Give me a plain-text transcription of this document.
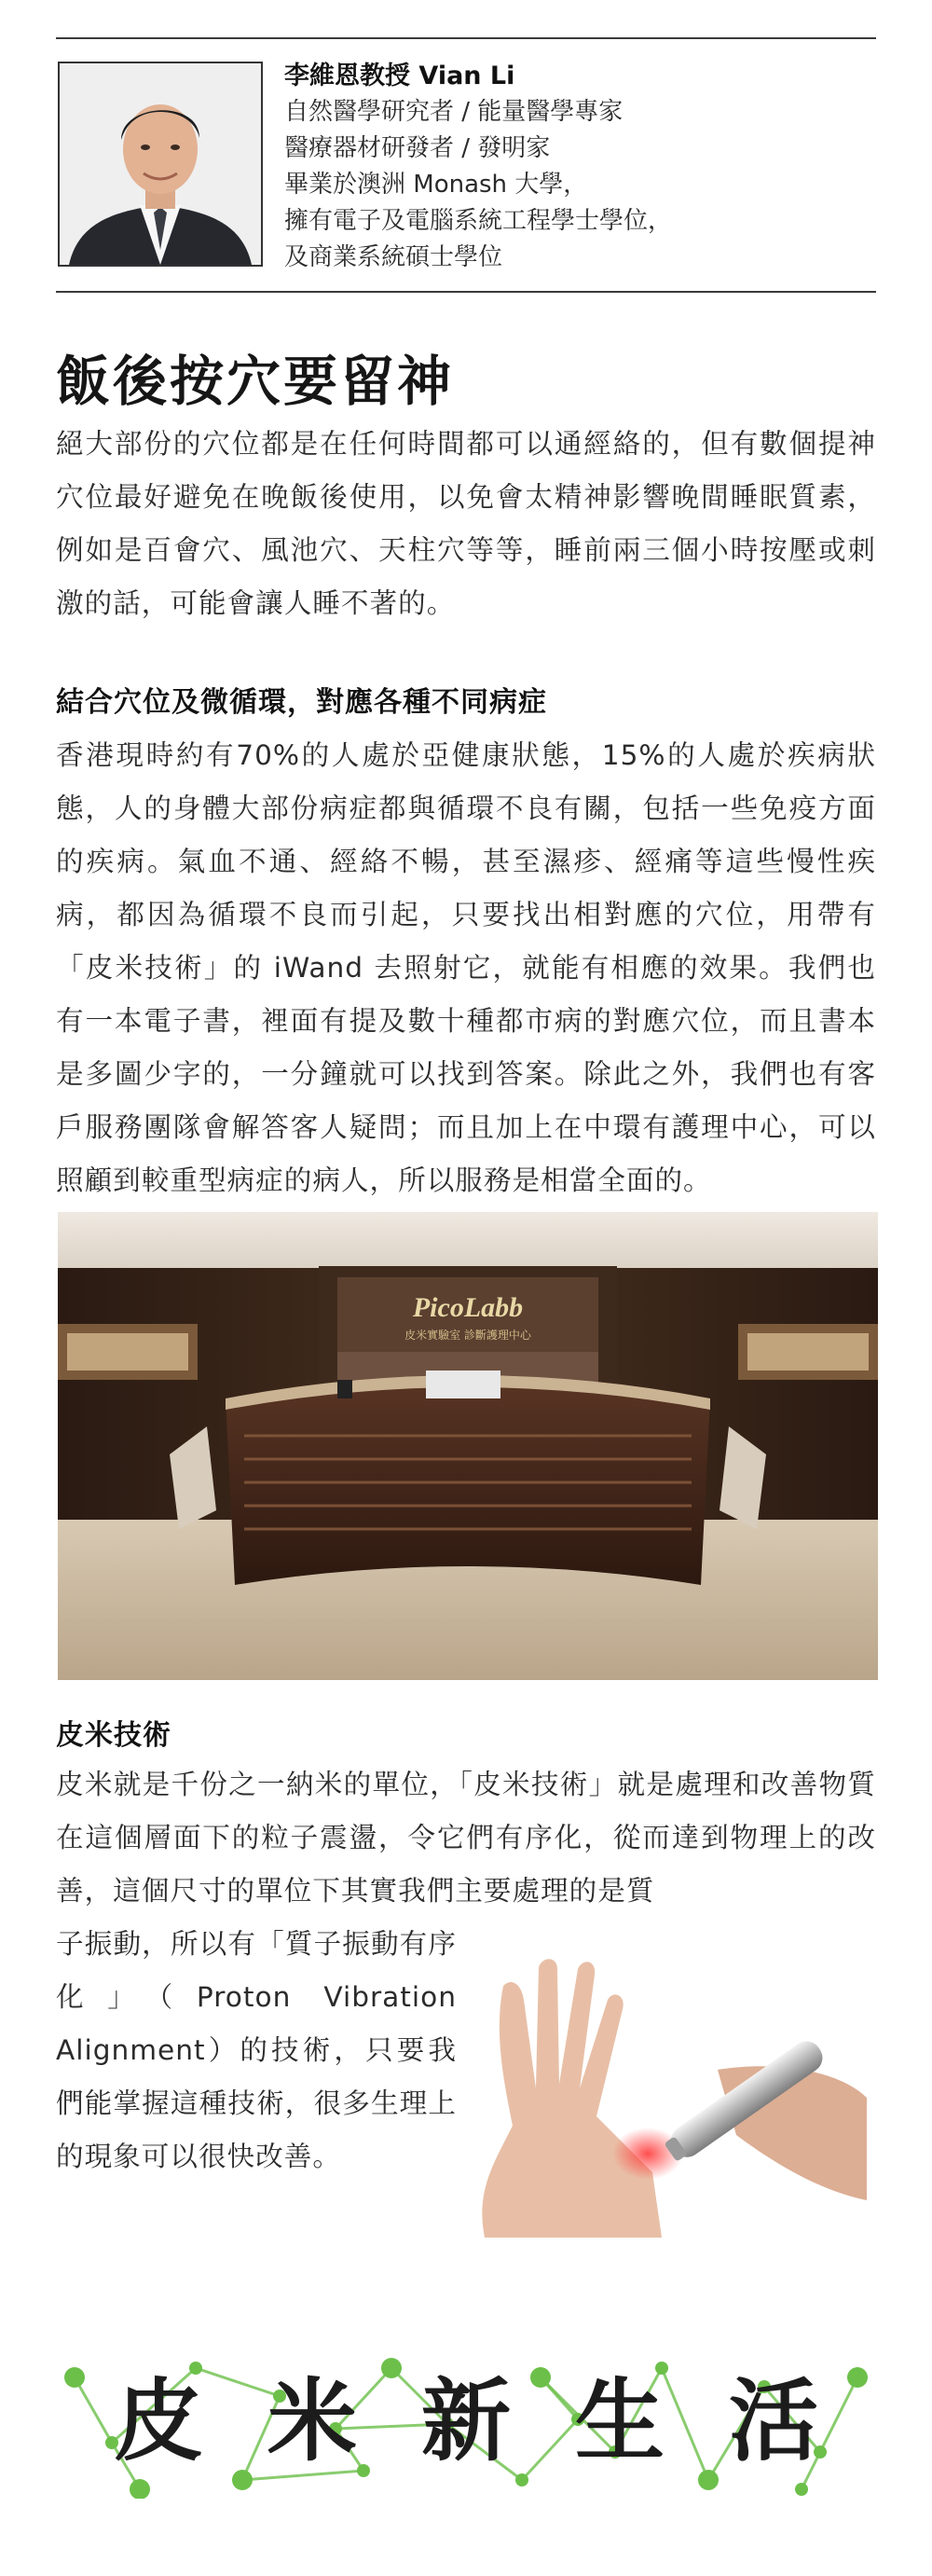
李維恩教授 Vian Li
自然醫學研究者 / 能量醫學專家
醫療器材研發者 / 發明家
畢業於澳洲 Monash 大學，
擁有電子及電腦系統工程學士學位，
及商業系統碩士學位
飯後按穴要留神

絕大部份的穴位都是在任何時間都可以通經絡的，但有數個提神穴位最好避免在晚飯後使用，以免會太精神影響晚間睡眠質素，例如是百會穴、風池穴、天柱穴等等，睡前兩三個小時按壓或刺激的話，可能會讓人睡不著的。

結合穴位及微循環，對應各種不同病症

香港現時約有70%的人處於亞健康狀態，15%的人處於疾病狀態，人的身體大部份病症都與循環不良有關，包括一些免疫方面的疾病。氣血不通、經絡不暢，甚至濕疹、經痛等這些慢性疾病，都因為循環不良而引起，只要找出相對應的穴位，用帶有「皮米技術」的 iWand 去照射它，就能有相應的效果。我們也有一本電子書，裡面有提及數十種都市病的對應穴位，而且書本是多圖少字的，一分鐘就可以找到答案。除此之外，我們也有客戶服務團隊會解答客人疑問；而且加上在中環有護理中心，可以照顧到較重型病症的病人，所以服務是相當全面的。

PicoLabb
皮米實驗室 診斷護理中心
皮米技術

皮米就是千份之一納米的單位，「皮米技術」就是處理和改善物質在這個層面下的粒子震盪，令它們有序化，從而達到物理上的改善，這個尺寸的單位下其實我們主要處理的是質

子振動，所以有「質子振動有序化」（Proton Vibration Alignment）的技術，只要我們能掌握這種技術，很多生理上的現象可以很快改善。

皮 米 新 生 活
